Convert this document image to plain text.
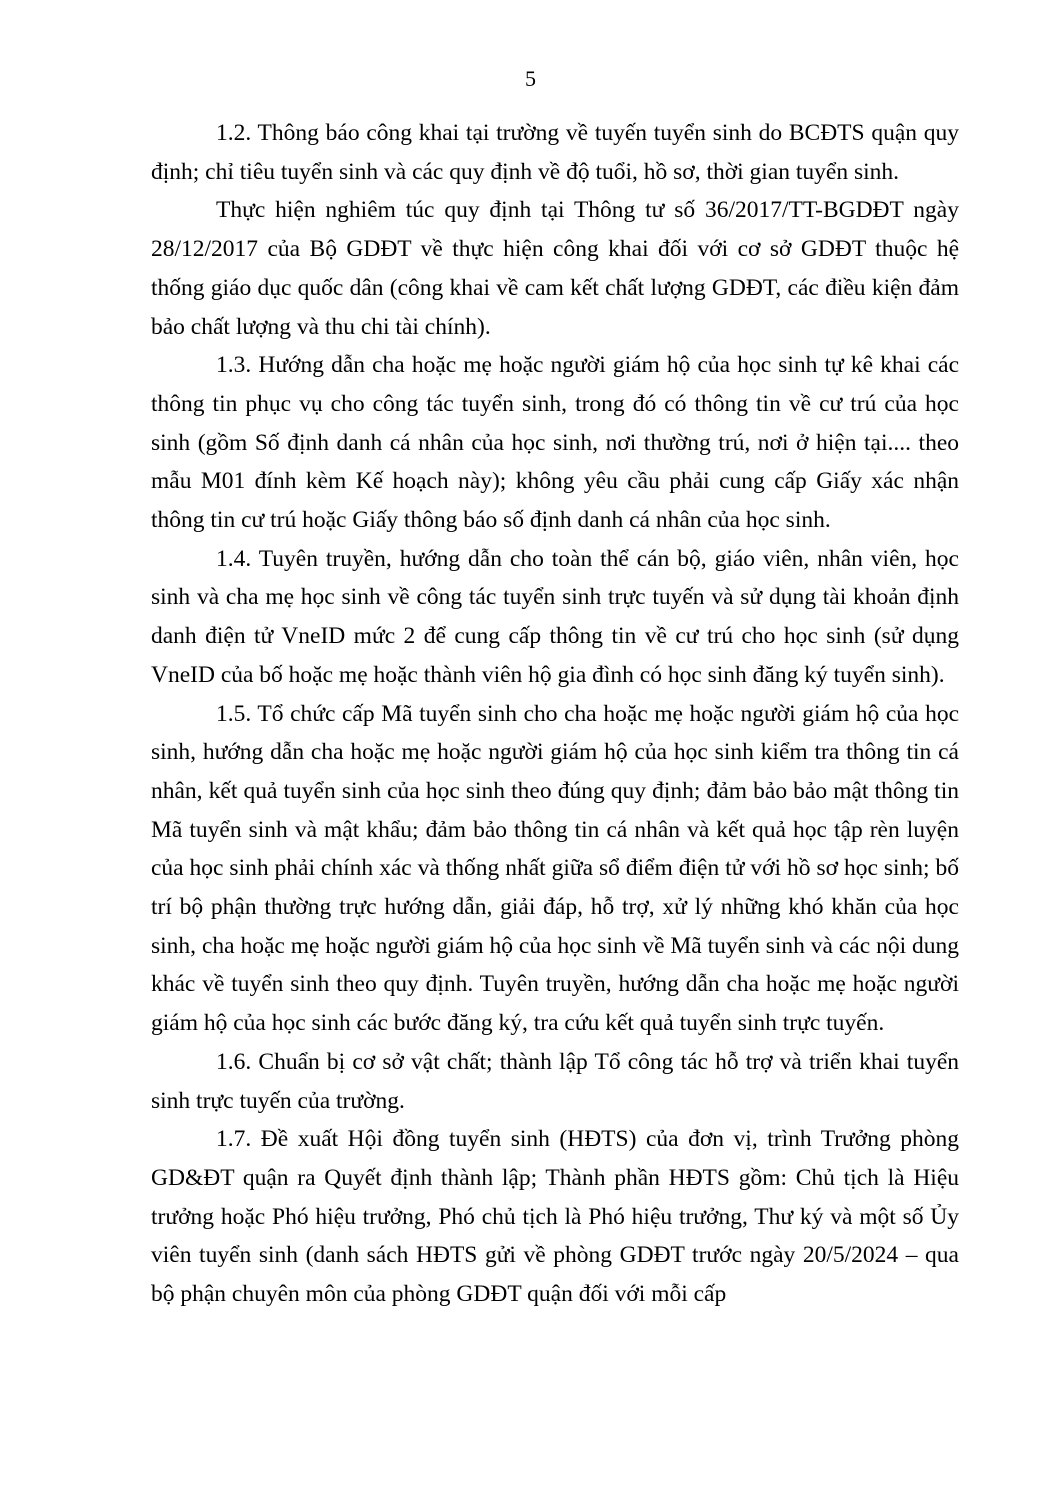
5

1.2. Thông báo công khai tại trường về tuyến tuyển sinh do BCĐTS quận quy định; chỉ tiêu tuyển sinh và các quy định về độ tuổi, hồ sơ, thời gian tuyển sinh.

Thực hiện nghiêm túc quy định tại Thông tư số 36/2017/TT-BGDĐT ngày 28/12/2017 của Bộ GDĐT về thực hiện công khai đối với cơ sở GDĐT thuộc hệ thống giáo dục quốc dân (công khai về cam kết chất lượng GDĐT, các điều kiện đảm bảo chất lượng và thu chi tài chính).

1.3. Hướng dẫn cha hoặc mẹ hoặc người giám hộ của học sinh tự kê khai các thông tin phục vụ cho công tác tuyển sinh, trong đó có thông tin về cư trú của học sinh (gồm Số định danh cá nhân của học sinh, nơi thường trú, nơi ở hiện tại.... theo mẫu M01 đính kèm Kế hoạch này); không yêu cầu phải cung cấp Giấy xác nhận thông tin cư trú hoặc Giấy thông báo số định danh cá nhân của học sinh.

1.4. Tuyên truyền, hướng dẫn cho toàn thể cán bộ, giáo viên, nhân viên, học sinh và cha mẹ học sinh về công tác tuyển sinh trực tuyến và sử dụng tài khoản định danh điện tử VneID mức 2 để cung cấp thông tin về cư trú cho học sinh (sử dụng VneID của bố hoặc mẹ hoặc thành viên hộ gia đình có học sinh đăng ký tuyển sinh).

1.5. Tổ chức cấp Mã tuyển sinh cho cha hoặc mẹ hoặc người giám hộ của học sinh, hướng dẫn cha hoặc mẹ hoặc người giám hộ của học sinh kiểm tra thông tin cá nhân, kết quả tuyển sinh của học sinh theo đúng quy định; đảm bảo bảo mật thông tin Mã tuyển sinh và mật khẩu; đảm bảo thông tin cá nhân và kết quả học tập rèn luyện của học sinh phải chính xác và thống nhất giữa sổ điểm điện tử với hồ sơ học sinh; bố trí bộ phận thường trực hướng dẫn, giải đáp, hỗ trợ, xử lý những khó khăn của học sinh, cha hoặc mẹ hoặc người giám hộ của học sinh về Mã tuyển sinh và các nội dung khác về tuyển sinh theo quy định. Tuyên truyền, hướng dẫn cha hoặc mẹ hoặc người giám hộ của học sinh các bước đăng ký, tra cứu kết quả tuyển sinh trực tuyến.

1.6. Chuẩn bị cơ sở vật chất; thành lập Tổ công tác hỗ trợ và triển khai tuyển sinh trực tuyến của trường.

1.7. Đề xuất Hội đồng tuyển sinh (HĐTS) của đơn vị, trình Trưởng phòng GD&ĐT quận ra Quyết định thành lập; Thành phần HĐTS gồm: Chủ tịch là Hiệu trưởng hoặc Phó hiệu trưởng, Phó chủ tịch là Phó hiệu trưởng, Thư ký và một số Ủy viên tuyển sinh (danh sách HĐTS gửi về phòng GDĐT trước ngày 20/5/2024 – qua bộ phận chuyên môn của phòng GDĐT quận đối với mỗi cấp
